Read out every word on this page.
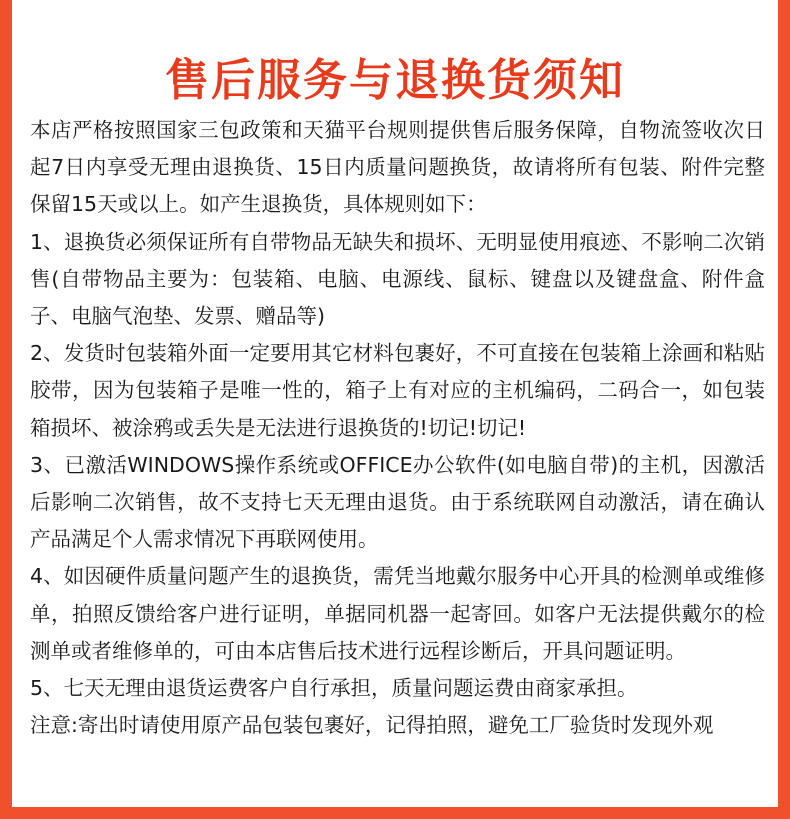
售后服务与退换货须知

本店严格按照国家三包政策和天猫平台规则提供售后服务保障，自物流签收次日起7日内享受无理由退换货、15日内质量问题换货，故请将所有包装、附件完整保留15天或以上。如产生退换货，具体规则如下：

1、退换货必须保证所有自带物品无缺失和损坏、无明显使用痕迹、不影响二次销售(自带物品主要为：包装箱、电脑、电源线、鼠标、键盘以及键盘盒、附件盒子、电脑气泡垫、发票、赠品等)

2、发货时包装箱外面一定要用其它材料包裹好，不可直接在包装箱上涂画和粘贴胶带，因为包装箱子是唯一性的，箱子上有对应的主机编码，二码合一，如包装箱损坏、被涂鸦或丢失是无法进行退换货的!切记!切记!

3、已激活WINDOWS操作系统或OFFICE办公软件(如电脑自带)的主机，因激活后影响二次销售，故不支持七天无理由退货。由于系统联网自动激活，请在确认产品满足个人需求情况下再联网使用。

4、如因硬件质量问题产生的退换货，需凭当地戴尔服务中心开具的检测单或维修单，拍照反馈给客户进行证明，单据同机器一起寄回。如客户无法提供戴尔的检测单或者维修单的，可由本店售后技术进行远程诊断后，开具问题证明。

5、七天无理由退货运费客户自行承担，质量问题运费由商家承担。

注意:寄出时请使用原产品包装包裹好，记得拍照，避免工厂验货时发现外观
